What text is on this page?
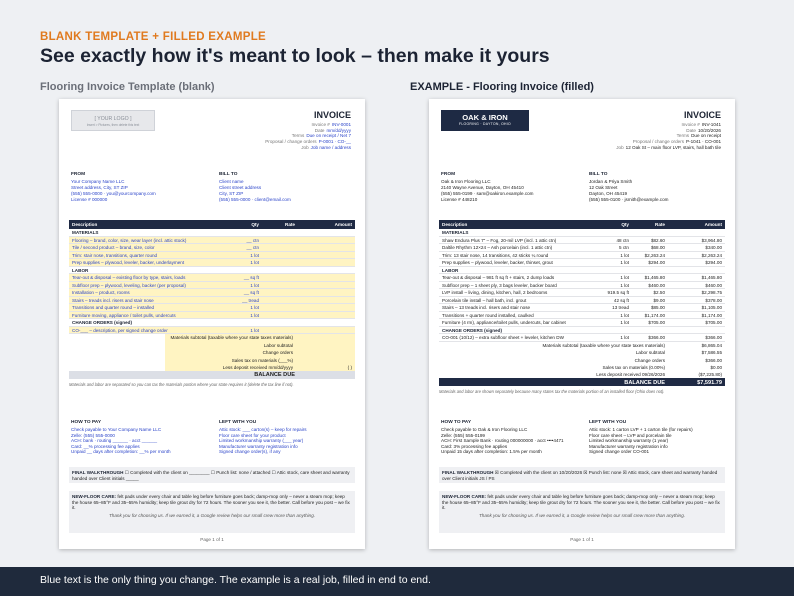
BLANK TEMPLATE + FILLED EXAMPLE
See exactly how it's meant to look – then make it yours
Flooring Invoice Template (blank)	EXAMPLE - Flooring Invoice (filled)
[ YOUR LOGO ]
Insert > Pictures, then delete this text
INVOICE
Invoice # INV-0001
Date mm/dd/yyyy
Terms Due on receipt / Net 7
Proposal / change orders P-0001 · CO-__
Job Job name / address
FROM
Your Company Name LLC
Street address, City, ST ZIP
(555) 555-0000 · you@yourcompany.com
License # 000000
BILL TO
Client name
Client street address
City, ST ZIP
(555) 555-0000 · client@email.com
Description	Qty	Rate	Amount
MATERIALS
Flooring – brand, color, size, wear layer (incl. attic stock)	__ ctn
Tile / second product – brand, size, color	__ ctn
Trim: stair nose, transitions, quarter round	1 lot
Prep supplies – plywood, leveler, backer, underlayment	1 lot
LABOR
Tear-out & disposal – existing floor by type, stairs, loads	__ sq ft
Subfloor prep – plywood, leveling, backer (per proposal)	1 lot
Installation – product, rooms	__ sq ft
Stairs – treads incl. risers and stair nose	__ tread
Transitions and quarter round – installed	1 lot
Furniture moving, appliance / toilet pulls, undercuts	1 lot
CHANGE ORDERS (signed)
CO-___ – description, per signed change order	1 lot
Materials subtotal (taxable where your state taxes materials)
Labor subtotal
Change orders
Sales tax on materials (___%)
Less deposit received mm/dd/yyyy	( )
BALANCE DUE
Materials and labor are separated so you can tax the materials portion where your state requires it (delete the tax line if not).
HOW TO PAY
Check payable to Your Company Name LLC
Zelle: (555) 555-0000
ACH: bank · routing ______ · acct ______
Card: __% processing fee applies
Unpaid __ days after completion: __% per month
LEFT WITH YOU
Attic stock: ___ carton(s) – keep for repairs
Floor care sheet for your product
Limited workmanship warranty (___ year)
Manufacturer warranty registration info
Signed change order(s), if any
FINAL WALKTHROUGH ☐ Completed with the client on ________ ☐ Punch list: none / attached ☐ Attic stock, care sheet and warranty handed over Client initials _____
NEW-FLOOR CARE: felt pads under every chair and table leg before furniture goes back; damp-mop only – never a steam mop; keep the house 65–85°F and 35–55% humidity; keep tile grout dry for 72 hours. The sooner you see it, the better. Call before you post – we fix it.
Thank you for choosing us. If we earned it, a Google review helps our small crew more than anything.
Page 1 of 1
OAK & IRON
FLOORING · DAYTON, OHIO
INVOICE
Invoice # INV-1041
Date 10/20/2026
Terms Due on receipt
Proposal / change orders P-1041 · CO-001
Job 12 Oak St – main floor LVP, stairs, hall bath tile
FROM
Oak & Iron Flooring LLC
2140 Wayne Avenue, Dayton, OH 45410
(555) 555-0199 · sam@oakiron.example.com
License # 448210
BILL TO
Jordan & Priya Smith
12 Oak Street
Dayton, OH 45419
(555) 555-0100 · jsmith@example.com
Description	Qty	Rate	Amount
MATERIALS
Shaw Endura Plus 7" – Fog, 20-mil LVP (incl. 1 attic ctn)	48 ctn	$82.60	$3,964.80
Daltile Rhythm 12×24 – Ash porcelain (incl. 1 attic ctn)	5 ctn	$68.00	$340.00
Trim: 13 stair nose, 14 transitions, 42 sticks ¼ round	1 lot	$2,263.24	$2,263.24
Prep supplies – plywood, leveler, backer, thinset, grout	1 lot	$294.00	$294.00
LABOR
Tear-out & disposal – 981 ft sq ft + stairs, 2 dump loads	1 lot	$1,465.80	$1,465.80
Subfloor prep – 1 sheet ply, 3 bags leveler, backer board	1 lot	$460.00	$460.00
LVP install – living, dining, kitchen, hall, 2 bedrooms	919.5 sq ft	$2.50	$2,298.75
Porcelain tile install – hall bath, incl. grout	42 sq ft	$9.00	$378.00
Stairs – 13 treads incl. risers and stair nose	13 tread	$85.00	$1,105.00
Transitions + quarter round installed, caulked	1 lot	$1,174.00	$1,174.00
Furniture (4 rm), appliance/toilet pulls, undercuts, bar cabinet	1 lot	$705.00	$705.00
CHANGE ORDERS (signed)
CO-001 (10/12) – extra subfloor sheet + leveler, kitchen DW	1 lot	$366.00	$366.00
Materials subtotal (taxable where your state taxes materials)	$6,865.04
Labor subtotal	$7,586.55
Change orders	$366.00
Sales tax on materials (0.00%)	$0.00
Less deposit received 09/26/2026	($7,225.80)
BALANCE DUE	$7,591.79
Materials and labor are shown separately because many states tax the materials portion of an installed floor (Ohio does not).
HOW TO PAY
Check payable to Oak & Iron Flooring LLC
Zelle: (555) 555-0199
ACH: First Sample Bank · routing 000000000 · acct ••••4471
Card: 3% processing fee applies
Unpaid 15 days after completion: 1.5% per month
LEFT WITH YOU
Attic stock: 1 carton LVP + 1 carton tile (for repairs)
Floor care sheet – LVP and porcelain tile
Limited workmanship warranty (1 year)
Manufacturer warranty registration info
Signed change order CO-001
FINAL WALKTHROUGH ☒ Completed with the client on 10/20/2026 ☒ Punch list: none ☒ Attic stock, care sheet and warranty handed over Client initials JS / PS
NEW-FLOOR CARE: felt pads under every chair and table leg before furniture goes back; damp-mop only – never a steam mop; keep the house 65–85°F and 35–55% humidity; keep tile grout dry for 72 hours. The sooner you see it, the better. Call before you post – we fix it.
Thank you for choosing us. If we earned it, a Google review helps our small crew more than anything.
Page 1 of 1
Blue text is the only thing you change. The example is a real job, filled in end to end.
